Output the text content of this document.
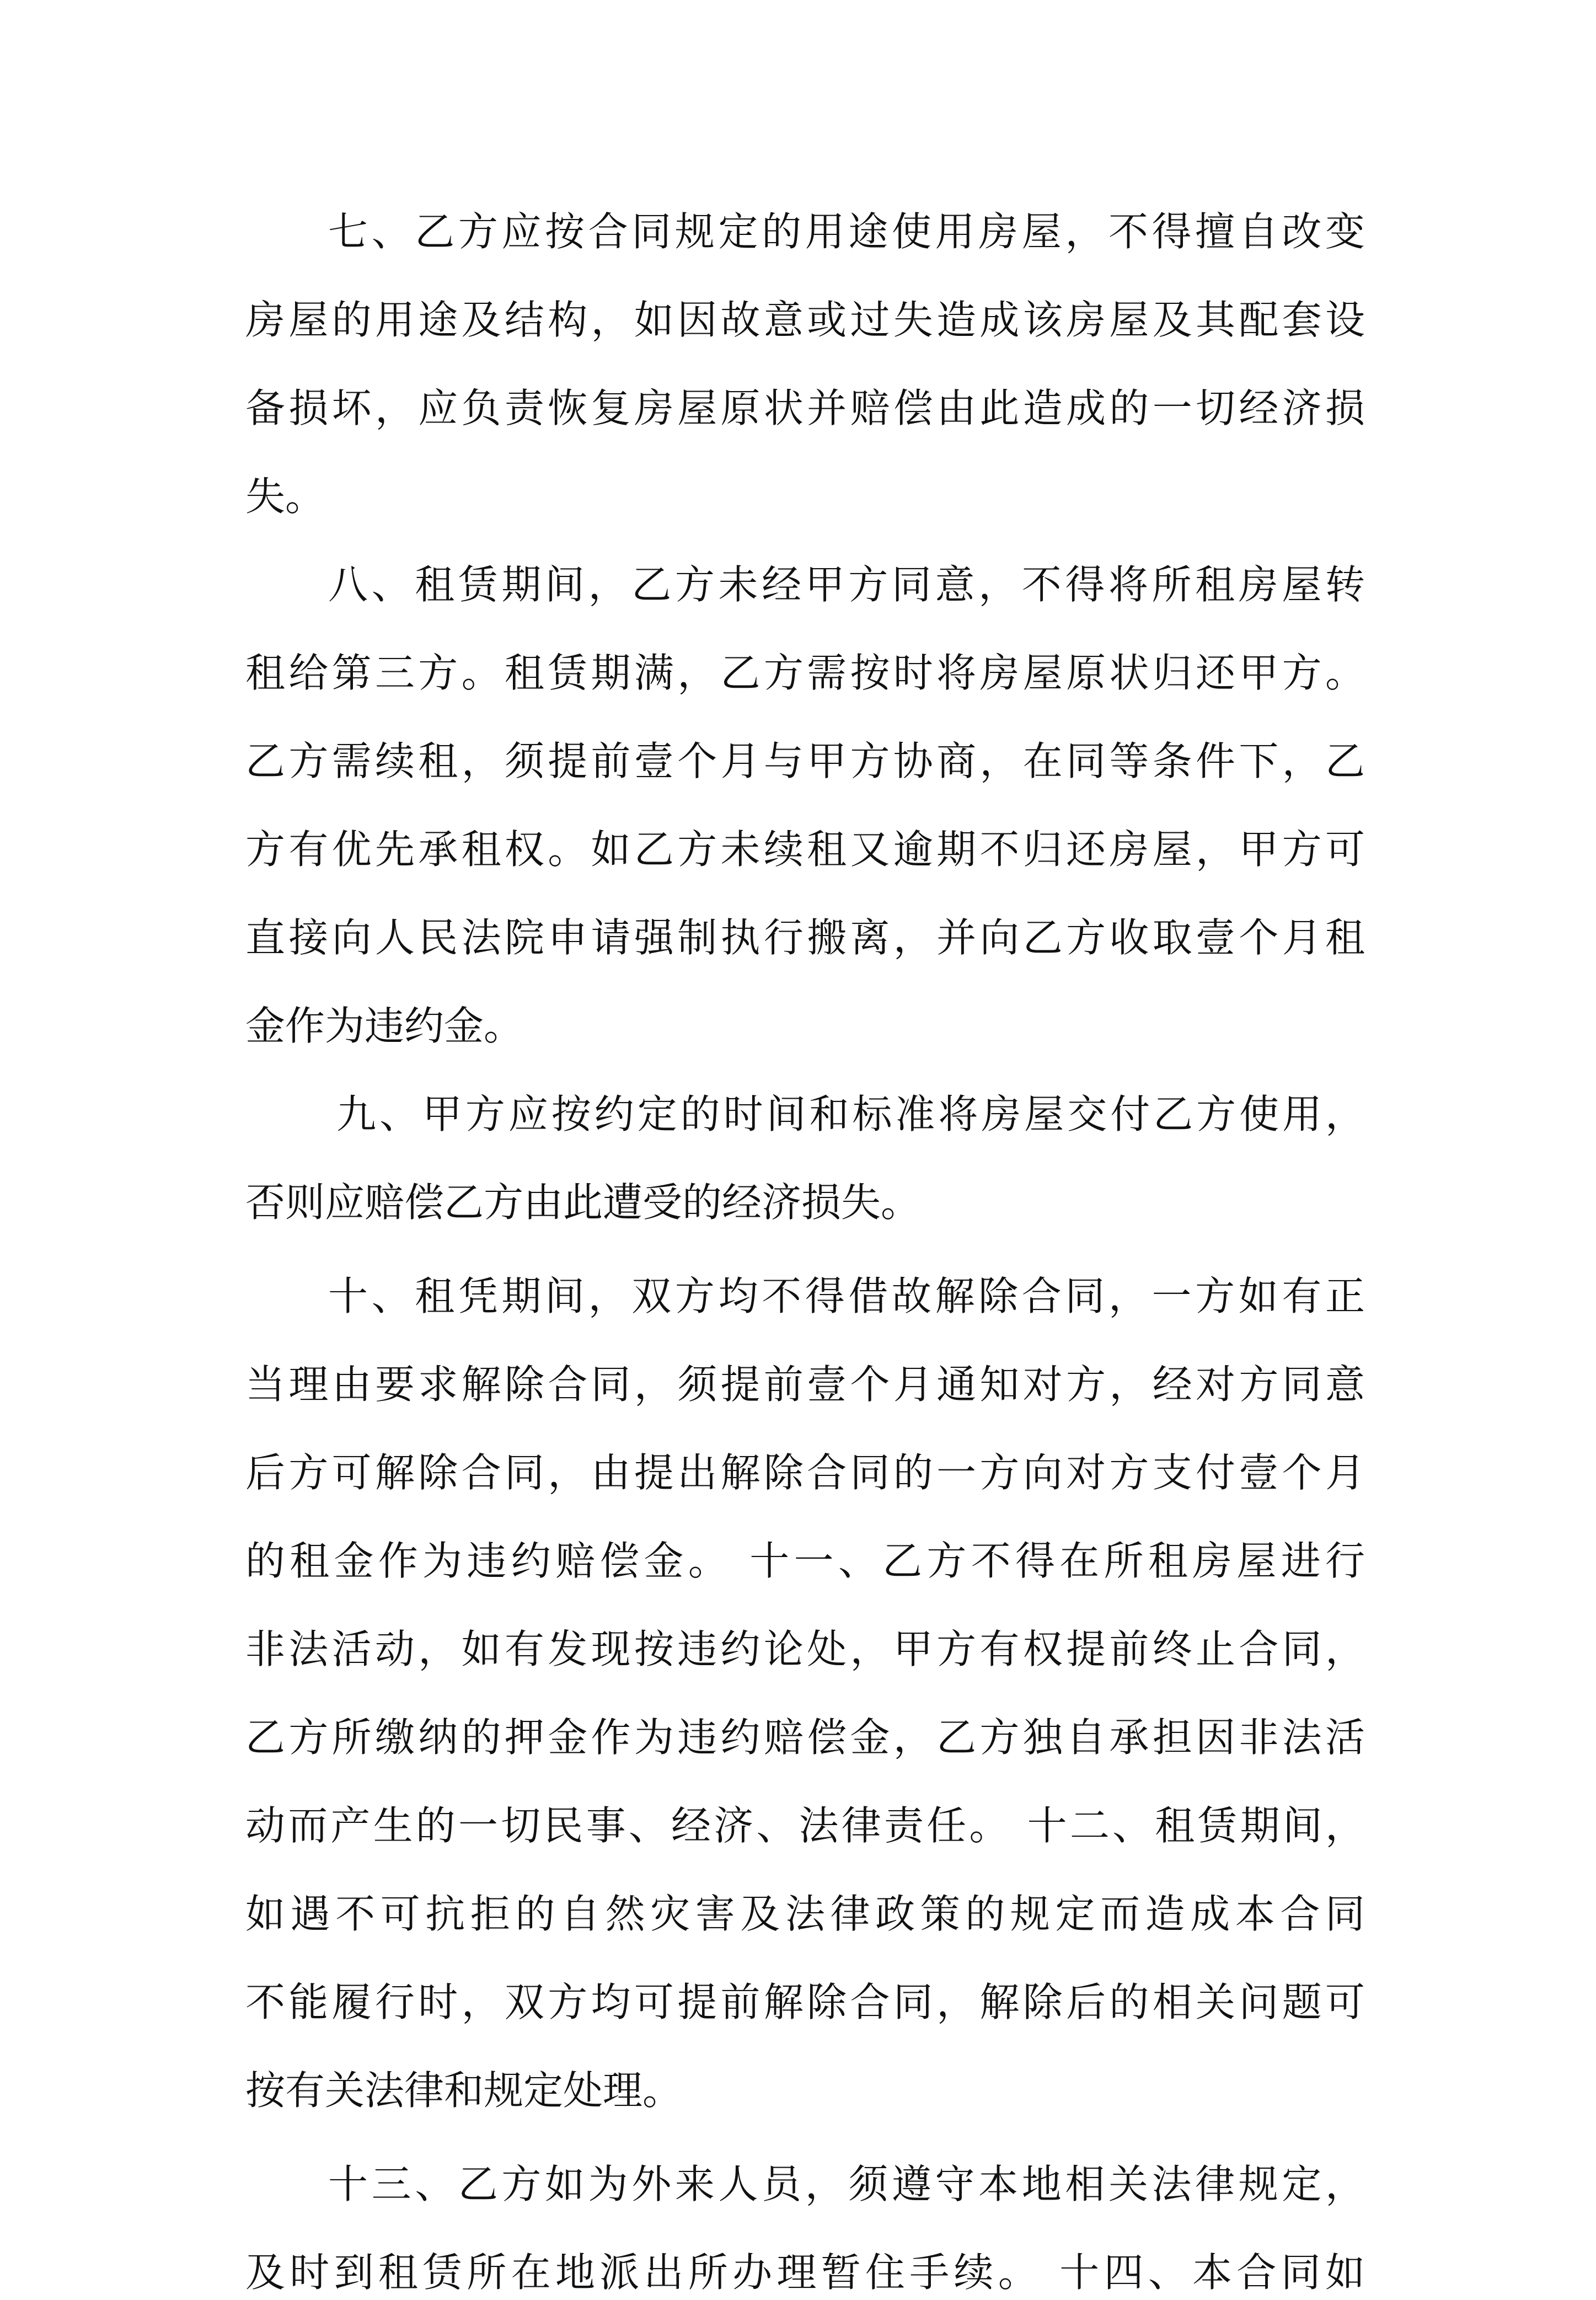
七、乙方应按合同规定的用途使用房屋，不得擅自改变
房屋的用途及结构，如因故意或过失造成该房屋及其配套设
备损坏，应负责恢复房屋原状并赔偿由此造成的一切经济损
失。
八、租赁期间，乙方未经甲方同意，不得将所租房屋转
租给第三方。租赁期满，乙方需按时将房屋原状归还甲方。
乙方需续租，须提前壹个月与甲方协商，在同等条件下，乙
方有优先承租权。如乙方未续租又逾期不归还房屋，甲方可
直接向人民法院申请强制执行搬离，并向乙方收取壹个月租
金作为违约金。
九、甲方应按约定的时间和标准将房屋交付乙方使用，
否则应赔偿乙方由此遭受的经济损失。
十、租凭期间，双方均不得借故解除合同，一方如有正
当理由要求解除合同，须提前壹个月通知对方，经对方同意
后方可解除合同，由提出解除合同的一方向对方支付壹个月
的租金作为违约赔偿金。 十一、乙方不得在所租房屋进行
非法活动，如有发现按违约论处，甲方有权提前终止合同，
乙方所缴纳的押金作为违约赔偿金，乙方独自承担因非法活
动而产生的一切民事、经济、法律责任。 十二、租赁期间，
如遇不可抗拒的自然灾害及法律政策的规定而造成本合同
不能履行时，双方均可提前解除合同，解除后的相关问题可
按有关法律和规定处理。
十三、乙方如为外来人员，须遵守本地相关法律规定，
及时到租赁所在地派出所办理暂住手续。 十四、本合同如
